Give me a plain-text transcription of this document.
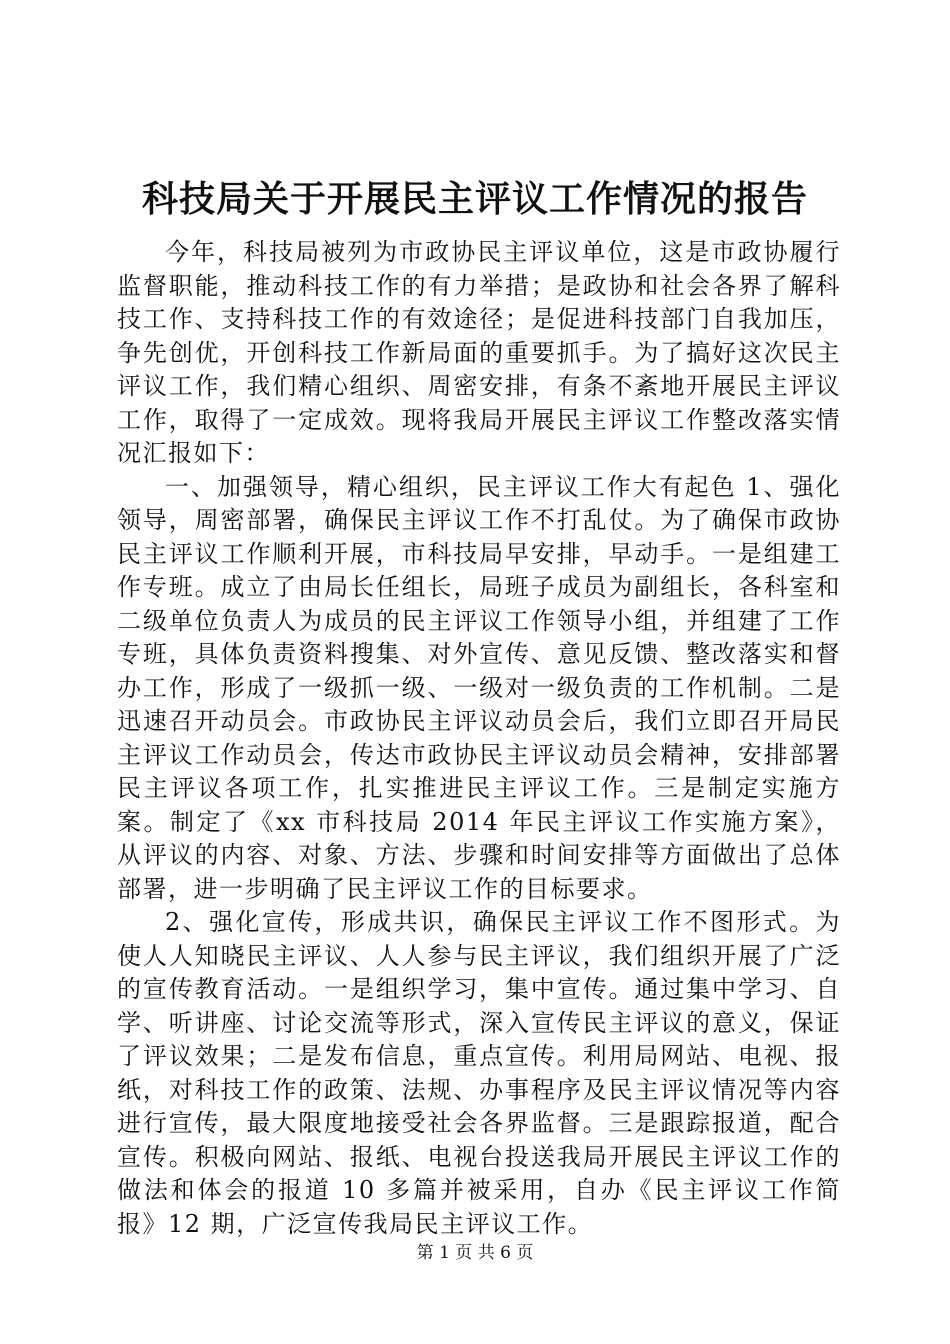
科技局关于开展民主评议工作情况的报告

今年，科技局被列为市政协民主评议单位，这是市政协履行监督职能，推动科技工作的有力举措；是政协和社会各界了解科技工作、支持科技工作的有效途径；是促进科技部门自我加压，争先创优，开创科技工作新局面的重要抓手。为了搞好这次民主评议工作，我们精心组织、周密安排，有条不紊地开展民主评议工作，取得了一定成效。现将我局开展民主评议工作整改落实情况汇报如下：

一、加强领导，精心组织，民主评议工作大有起色 1、强化领导，周密部署，确保民主评议工作不打乱仗。为了确保市政协民主评议工作顺利开展，市科技局早安排，早动手。一是组建工作专班。成立了由局长任组长，局班子成员为副组长，各科室和二级单位负责人为成员的民主评议工作领导小组，并组建了工作专班，具体负责资料搜集、对外宣传、意见反馈、整改落实和督办工作，形成了一级抓一级、一级对一级负责的工作机制。二是迅速召开动员会。市政协民主评议动员会后，我们立即召开局民主评议工作动员会，传达市政协民主评议动员会精神，安排部署民主评议各项工作，扎实推进民主评议工作。三是制定实施方案。制定了《xx 市科技局 2014 年民主评议工作实施方案》，从评议的内容、对象、方法、步骤和时间安排等方面做出了总体部署，进一步明确了民主评议工作的目标要求。

2、强化宣传，形成共识，确保民主评议工作不图形式。为使人人知晓民主评议、人人参与民主评议，我们组织开展了广泛的宣传教育活动。一是组织学习，集中宣传。通过集中学习、自学、听讲座、讨论交流等形式，深入宣传民主评议的意义，保证了评议效果；二是发布信息，重点宣传。利用局网站、电视、报纸，对科技工作的政策、法规、办事程序及民主评议情况等内容进行宣传，最大限度地接受社会各界监督。三是跟踪报道，配合宣传。积极向网站、报纸、电视台投送我局开展民主评议工作的做法和体会的报道 10 多篇并被采用，自办《民主评议工作简报》12 期，广泛宣传我局民主评议工作。

第 1 页 共 6 页
